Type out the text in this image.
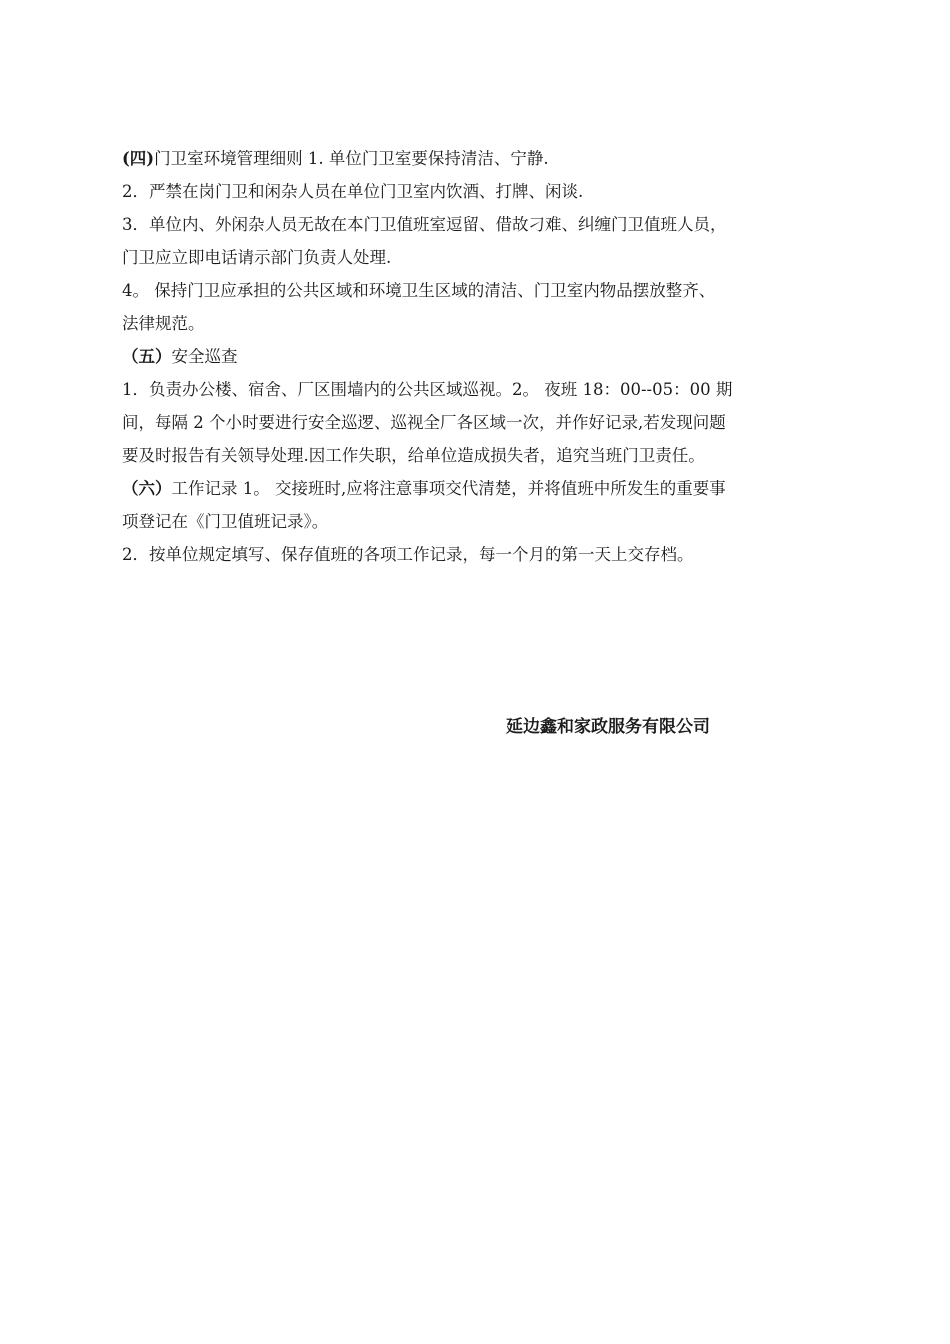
(四)门卫室环境管理细则 1. 单位门卫室要保持清洁、宁静.
2．严禁在岗门卫和闲杂人员在单位门卫室内饮酒、打牌、闲谈.
3．单位内、外闲杂人员无故在本门卫值班室逗留、借故刁难、纠缠门卫值班人员，
门卫应立即电话请示部门负责人处理.
4。 保持门卫应承担的公共区域和环境卫生区域的清洁、门卫室内物品摆放整齐、
法律规范。
（五）安全巡查
1．负责办公楼、宿舍、厂区围墙内的公共区域巡视。2。 夜班 18：00--05：00 期
间，每隔 2 个小时要进行安全巡逻、巡视全厂各区域一次，并作好记录,若发现问题
要及时报告有关领导处理.因工作失职，给单位造成损失者，追究当班门卫责任。
（六）工作记录 1。 交接班时,应将注意事项交代清楚，并将值班中所发生的重要事
项登记在《门卫值班记录》。
2．按单位规定填写、保存值班的各项工作记录，每一个月的第一天上交存档。
延边鑫和家政服务有限公司
